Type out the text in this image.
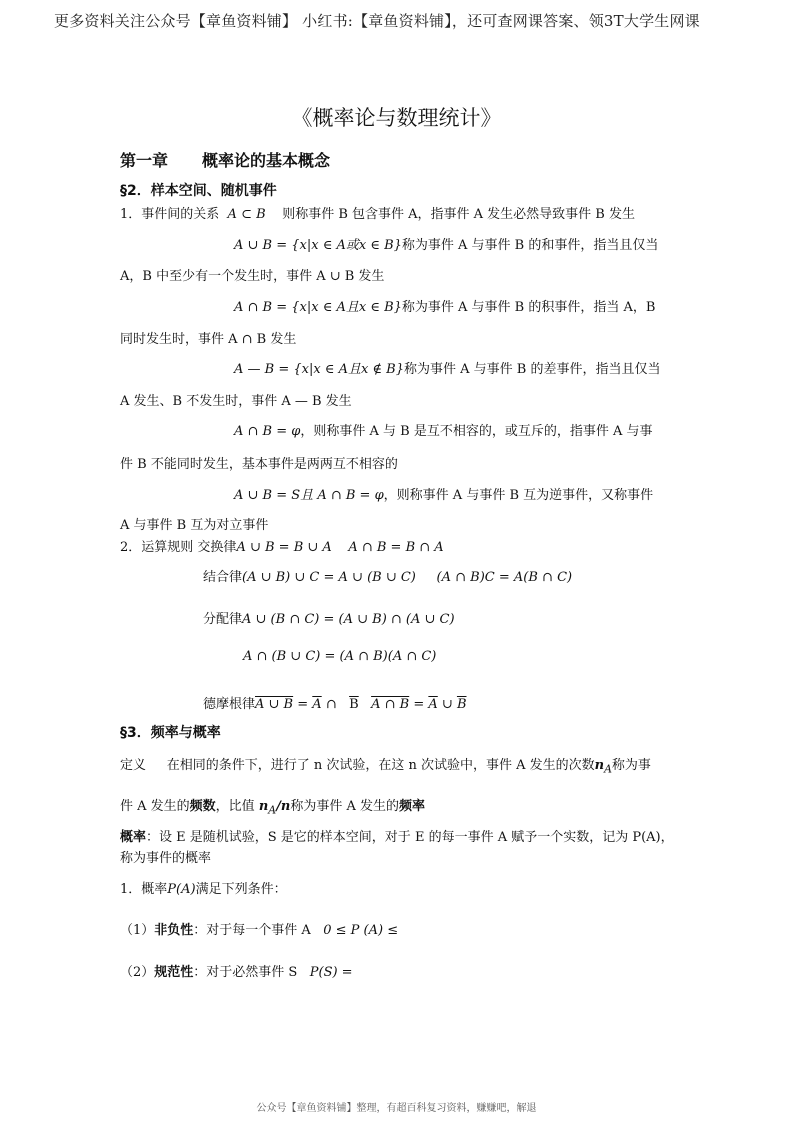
更多资料关注公众号【章鱼资料铺】 小红书:【章鱼资料铺】，还可查网课答案、领3T大学生网课
《概率论与数理统计》
第一章 概率论的基本概念
§2．样本空间、随机事件
1．事件间的关系 A ⊂ B 则称事件 B 包含事件 A，指事件 A 发生必然导致事件 B 发生
A ∪ B = {x|x ∈ A或x ∈ B}称为事件 A 与事件 B 的和事件，指当且仅当
A，B 中至少有一个发生时，事件 A ∪ B 发生
A ∩ B = {x|x ∈ A且x ∈ B}称为事件 A 与事件 B 的积事件，指当 A，B
同时发生时，事件 A ∩ B 发生
A — B = {x|x ∈ A且x ∉ B}称为事件 A 与事件 B 的差事件，指当且仅当
A 发生、B 不发生时，事件 A — B 发生
A ∩ B = φ，则称事件 A 与 B 是互不相容的，或互斥的，指事件 A 与事
件 B 不能同时发生，基本事件是两两互不相容的
A ∪ B = S且 A ∩ B = φ，则称事件 A 与事件 B 互为逆事件，又称事件
A 与事件 B 互为对立事件
2．运算规则 交换律A ∪ B = B ∪ A A ∩ B = B ∩ A
结合律(A ∪ B) ∪ C = A ∪ (B ∪ C) (A ∩ B)C = A(B ∩ C)
分配律A ∪ (B ∩ C) = (A ∪ B) ∩ (A ∪ C)
A ∩ (B ∪ C) = (A ∩ B)(A ∩ C)
德摩根律A ∪ $B = \overline{A}$ ∩   $\overline{B}$ A ∩ $B = \overline{A}$ ∪ $\overline{B}$
§3．频率与概率
定义 在相同的条件下，进行了 n 次试验，在这 n 次试验中，事件 A 发生的次数$n_A$称为事
件 A 发生的频数，比值 $n_A/n$称为事件 A 发生的频率
概率：设 E 是随机试验，S 是它的样本空间，对于 E 的每一事件 A 赋予一个实数，记为 P(A)，
称为事件的概率
1．概率P(A)满足下列条件：
（1）非负性：对于每一个事件 A 0 ≤ P (A) ≤
（2）规范性：对于必然事件 S P(S) =
公众号【章鱼资料铺】整理，有超百科复习资料，赚赚吧，解退
